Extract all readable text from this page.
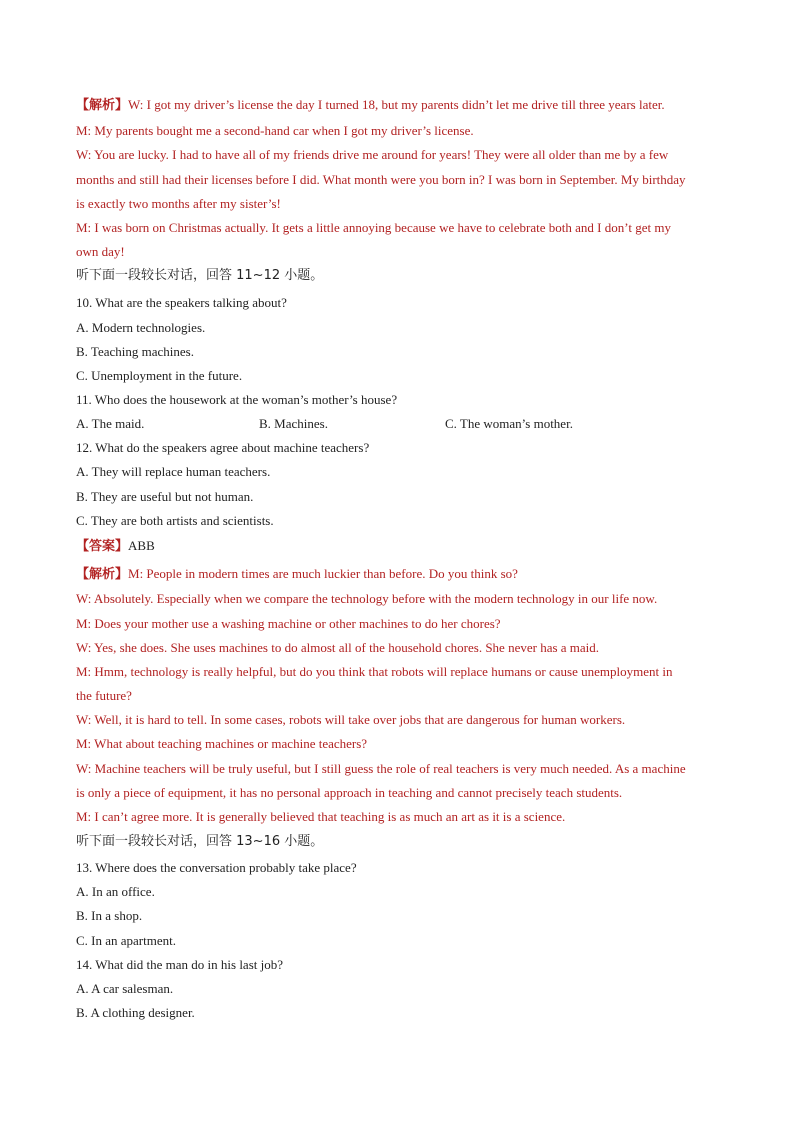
【解析】W: I got my driver’s license the day I turned 18, but my parents didn’t let me drive till three years later.
M: My parents bought me a second-hand car when I got my driver’s license.
W: You are lucky. I had to have all of my friends drive me around for years! They were all older than me by a few
months and still had their licenses before I did. What month were you born in? I was born in September. My birthday
is exactly two months after my sister’s!
M: I was born on Christmas actually. It gets a little annoying because we have to celebrate both and I don’t get my
own day!
听下面一段较长对话，回答 11~12 小题。
10. What are the speakers talking about?
A. Modern technologies.
B. Teaching machines.
C. Unemployment in the future.
11. Who does the housework at the woman’s mother’s house?
A. The maid.	B. Machines.	C. The woman’s mother.
12. What do the speakers agree about machine teachers?
A. They will replace human teachers.
B. They are useful but not human.
C. They are both artists and scientists.
【答案】ABB
【解析】M: People in modern times are much luckier than before. Do you think so?
W: Absolutely. Especially when we compare the technology before with the modern technology in our life now.
M: Does your mother use a washing machine or other machines to do her chores?
W: Yes, she does. She uses machines to do almost all of the household chores. She never has a maid.
M: Hmm, technology is really helpful, but do you think that robots will replace humans or cause unemployment in
the future?
W: Well, it is hard to tell. In some cases, robots will take over jobs that are dangerous for human workers.
M: What about teaching machines or machine teachers?
W: Machine teachers will be truly useful, but I still guess the role of real teachers is very much needed. As a machine
is only a piece of equipment, it has no personal approach in teaching and cannot precisely teach students.
M: I can’t agree more. It is generally believed that teaching is as much an art as it is a science.
听下面一段较长对话，回答 13~16 小题。
13. Where does the conversation probably take place?
A. In an office.
B. In a shop.
C. In an apartment.
14. What did the man do in his last job?
A. A car salesman.
B. A clothing designer.
